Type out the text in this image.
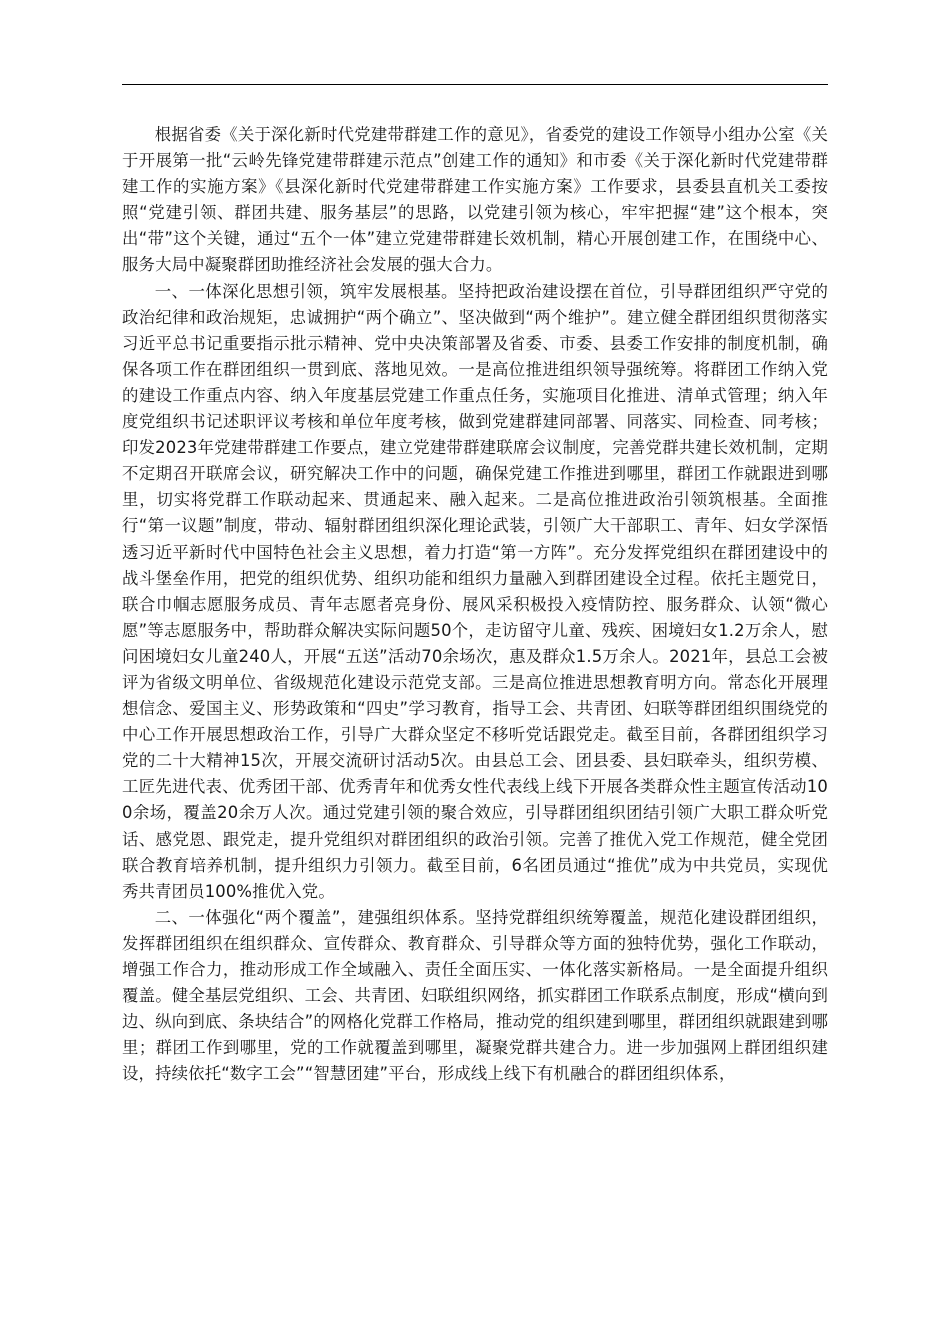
根据省委《关于深化新时代党建带群建工作的意见》，省委党的建设工作领导小组办公室《关于开展第一批“云岭先锋党建带群建示范点”创建工作的通知》和市委《关于深化新时代党建带群建工作的实施方案》《县深化新时代党建带群建工作实施方案》工作要求，县委县直机关工委按照“党建引领、群团共建、服务基层”的思路，以党建引领为核心，牢牢把握“建”这个根本，突出“带”这个关键，通过“五个一体”建立党建带群建长效机制，精心开展创建工作，在围绕中心、服务大局中凝聚群团助推经济社会发展的强大合力。

一、一体深化思想引领，筑牢发展根基。坚持把政治建设摆在首位，引导群团组织严守党的政治纪律和政治规矩，忠诚拥护“两个确立”、坚决做到“两个维护”。建立健全群团组织贯彻落实习近平总书记重要指示批示精神、党中央决策部署及省委、市委、县委工作安排的制度机制，确保各项工作在群团组织一贯到底、落地见效。一是高位推进组织领导强统筹。将群团工作纳入党的建设工作重点内容、纳入年度基层党建工作重点任务，实施项目化推进、清单式管理；纳入年度党组织书记述职评议考核和单位年度考核，做到党建群建同部署、同落实、同检查、同考核；印发2023年党建带群建工作要点，建立党建带群建联席会议制度，完善党群共建长效机制，定期不定期召开联席会议，研究解决工作中的问题，确保党建工作推进到哪里，群团工作就跟进到哪里，切实将党群工作联动起来、贯通起来、融入起来。二是高位推进政治引领筑根基。全面推行“第一议题”制度，带动、辐射群团组织深化理论武装，引领广大干部职工、青年、妇女学深悟透习近平新时代中国特色社会主义思想，着力打造“第一方阵”。充分发挥党组织在群团建设中的战斗堡垒作用，把党的组织优势、组织功能和组织力量融入到群团建设全过程。依托主题党日，联合巾帼志愿服务成员、青年志愿者亮身份、展风采积极投入疫情防控、服务群众、认领“微心愿”等志愿服务中，帮助群众解决实际问题50个，走访留守儿童、残疾、困境妇女1.2万余人，慰问困境妇女儿童240人，开展“五送”活动70余场次，惠及群众1.5万余人。2021年，县总工会被评为省级文明单位、省级规范化建设示范党支部。三是高位推进思想教育明方向。常态化开展理想信念、爱国主义、形势政策和“四史”学习教育，指导工会、共青团、妇联等群团组织围绕党的中心工作开展思想政治工作，引导广大群众坚定不移听党话跟党走。截至目前，各群团组织学习党的二十大精神15次，开展交流研讨活动5次。由县总工会、团县委、县妇联牵头，组织劳模、工匠先进代表、优秀团干部、优秀青年和优秀女性代表线上线下开展各类群众性主题宣传活动100余场，覆盖20余万人次。通过党建引领的聚合效应，引导群团组织团结引领广大职工群众听党话、感党恩、跟党走，提升党组织对群团组织的政治引领。完善了推优入党工作规范，健全党团联合教育培养机制，提升组织力引领力。截至目前，6名团员通过“推优”成为中共党员，实现优秀共青团员100%推优入党。

二、一体强化“两个覆盖”，建强组织体系。坚持党群组织统筹覆盖，规范化建设群团组织，发挥群团组织在组织群众、宣传群众、教育群众、引导群众等方面的独特优势，强化工作联动，增强工作合力，推动形成工作全域融入、责任全面压实、一体化落实新格局。一是全面提升组织覆盖。健全基层党组织、工会、共青团、妇联组织网络，抓实群团工作联系点制度，形成“横向到边、纵向到底、条块结合”的网格化党群工作格局，推动党的组织建到哪里，群团组织就跟建到哪里；群团工作到哪里，党的工作就覆盖到哪里，凝聚党群共建合力。进一步加强网上群团组织建设，持续依托“数字工会”“智慧团建”平台，形成线上线下有机融合的群团组织体系，
